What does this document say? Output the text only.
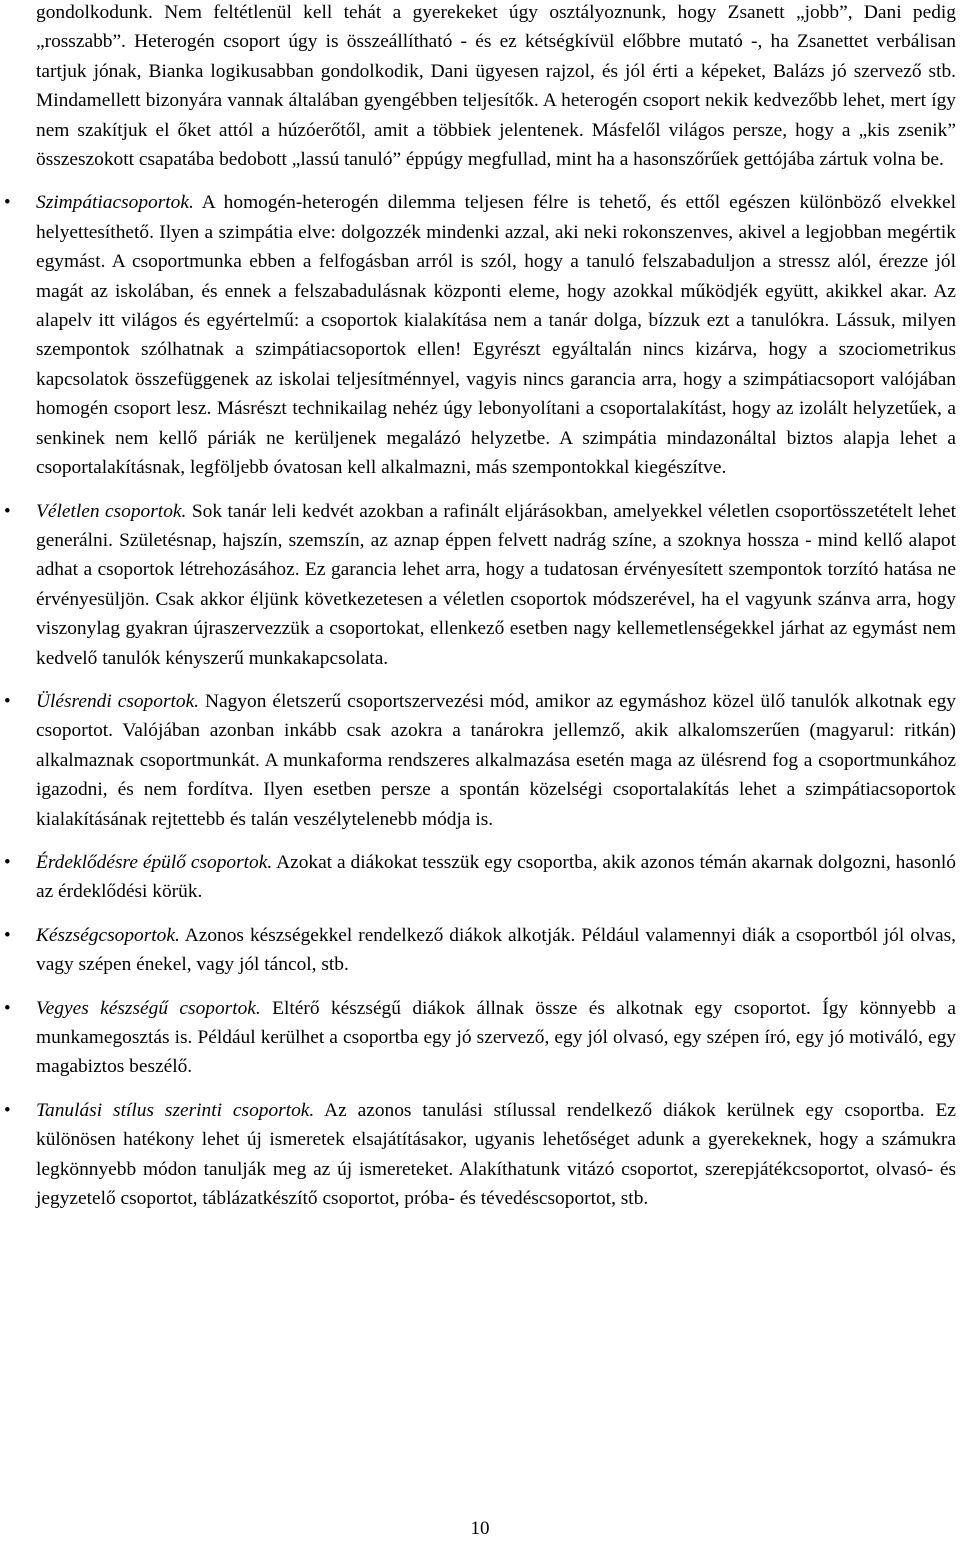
gondolkodunk. Nem feltétlenül kell tehát a gyerekeket úgy osztályoznunk, hogy Zsanett „jobb”, Dani pedig „rosszabb”. Heterogén csoport úgy is összeállítható - és ez kétségkívül előbbre mutató -, ha Zsanettet verbálisan tartjuk jónak, Bianka logikusabban gondolkodik, Dani ügyesen rajzol, és jól érti a képeket, Balázs jó szervező stb. Mindamellett bizonyára vannak általában gyengébben teljesítők. A heterogén csoport nekik kedvezőbb lehet, mert így nem szakítjuk el őket attól a húzóerőtől, amit a többiek jelentenek. Másfelől világos persze, hogy a „kis zsenik” összeszokott csapatába bedobott „lassú tanuló” éppúgy megfullad, mint ha a hasonszőrűek gettójába zártuk volna be.

• Szimpátiacsoportok. A homogén-heterogén dilemma teljesen félre is tehető, és ettől egészen különböző elvekkel helyettesíthető. Ilyen a szimpátia elve: dolgozzék mindenki azzal, aki neki rokonszenves, akivel a legjobban megértik egymást. A csoportmunka ebben a felfogásban arról is szól, hogy a tanuló felszabaduljon a stressz alól, érezze jól magát az iskolában, és ennek a felszabadulásnak központi eleme, hogy azokkal működjék együtt, akikkel akar. Az alapelv itt világos és egyértelmű: a csoportok kialakítása nem a tanár dolga, bízzuk ezt a tanulókra. Lássuk, milyen szempontok szólhatnak a szimpátiacsoportok ellen! Egyrészt egyáltalán nincs kizárva, hogy a szociometrikus kapcsolatok összefüggenek az iskolai teljesítménnyel, vagyis nincs garancia arra, hogy a szimpátiacsoport valójában homogén csoport lesz. Másrészt technikailag nehéz úgy lebonyolítani a csoportalakítást, hogy az izolált helyzetűek, a senkinek nem kellő páriák ne kerüljenek megalázó helyzetbe. A szimpátia mindazonáltal biztos alapja lehet a csoportalakításnak, legföljebb óvatosan kell alkalmazni, más szempontokkal kiegészítve.
• Véletlen csoportok. Sok tanár leli kedvét azokban a rafinált eljárásokban, amelyekkel véletlen csoportösszetételt lehet generálni. Születésnap, hajszín, szemszín, az aznap éppen felvett nadrág színe, a szoknya hossza - mind kellő alapot adhat a csoportok létrehozásához. Ez garancia lehet arra, hogy a tudatosan érvényesített szempontok torzító hatása ne érvényesüljön. Csak akkor éljünk következetesen a véletlen csoportok módszerével, ha el vagyunk szánva arra, hogy viszonylag gyakran újraszervezzük a csoportokat, ellenkező esetben nagy kellemetlenségekkel járhat az egymást nem kedvelő tanulók kényszerű munkakapcsolata.
• Ülésrendi csoportok. Nagyon életszerű csoportszervezési mód, amikor az egymáshoz közel ülő tanulók alkotnak egy csoportot. Valójában azonban inkább csak azokra a tanárokra jellemző, akik alkalomszerűen (magyarul: ritkán) alkalmaznak csoportmunkát. A munkaforma rendszeres alkalmazása esetén maga az ülésrend fog a csoportmunkához igazodni, és nem fordítva. Ilyen esetben persze a spontán közelségi csoportalakítás lehet a szimpátiacsoportok kialakításának rejtettebb és talán veszélytelenebb módja is.
• Érdeklődésre épülő csoportok. Azokat a diákokat tesszük egy csoportba, akik azonos témán akarnak dolgozni, hasonló az érdeklődési körük.
• Készségcsoportok. Azonos készségekkel rendelkező diákok alkotják. Például valamennyi diák a csoportból jól olvas, vagy szépen énekel, vagy jól táncol, stb.
• Vegyes készségű csoportok. Eltérő készségű diákok állnak össze és alkotnak egy csoportot. Így könnyebb a munkamegosztás is. Például kerülhet a csoportba egy jó szervező, egy jól olvasó, egy szépen író, egy jó motiváló, egy magabiztos beszélő.
• Tanulási stílus szerinti csoportok. Az azonos tanulási stílussal rendelkező diákok kerülnek egy csoportba. Ez különösen hatékony lehet új ismeretek elsajátításakor, ugyanis lehetőséget adunk a gyerekeknek, hogy a számukra legkönnyebb módon tanulják meg az új ismereteket. Alakíthatunk vitázó csoportot, szerepjátékcsoportot, olvasó- és jegyzetelő csoportot, táblázatkészítő csoportot, próba- és tévedéscsoportot, stb.
10
